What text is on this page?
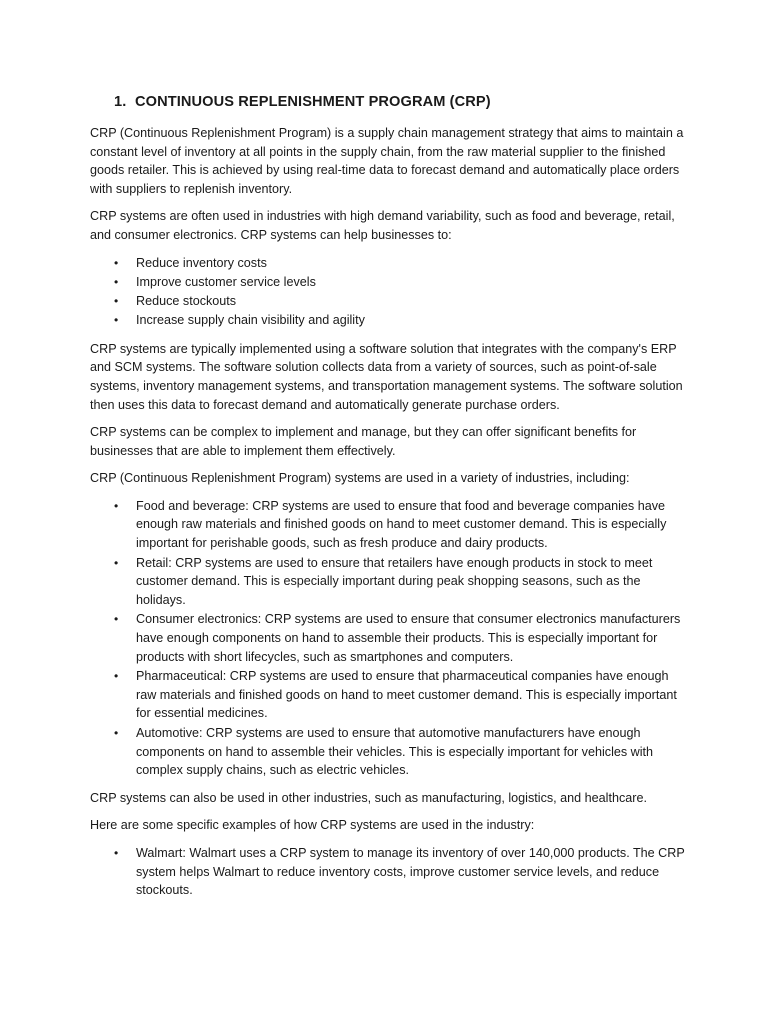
1. CONTINUOUS REPLENISHMENT PROGRAM (CRP)

CRP (Continuous Replenishment Program) is a supply chain management strategy that aims to maintain a constant level of inventory at all points in the supply chain, from the raw material supplier to the finished goods retailer. This is achieved by using real-time data to forecast demand and automatically place orders with suppliers to replenish inventory.

CRP systems are often used in industries with high demand variability, such as food and beverage, retail, and consumer electronics. CRP systems can help businesses to:

• Reduce inventory costs
• Improve customer service levels
• Reduce stockouts
• Increase supply chain visibility and agility

CRP systems are typically implemented using a software solution that integrates with the company's ERP and SCM systems. The software solution collects data from a variety of sources, such as point-of-sale systems, inventory management systems, and transportation management systems. The software solution then uses this data to forecast demand and automatically generate purchase orders.

CRP systems can be complex to implement and manage, but they can offer significant benefits for businesses that are able to implement them effectively.

CRP (Continuous Replenishment Program) systems are used in a variety of industries, including:

• Food and beverage: CRP systems are used to ensure that food and beverage companies have enough raw materials and finished goods on hand to meet customer demand. This is especially important for perishable goods, such as fresh produce and dairy products.
• Retail: CRP systems are used to ensure that retailers have enough products in stock to meet customer demand. This is especially important during peak shopping seasons, such as the holidays.
• Consumer electronics: CRP systems are used to ensure that consumer electronics manufacturers have enough components on hand to assemble their products. This is especially important for products with short lifecycles, such as smartphones and computers.
• Pharmaceutical: CRP systems are used to ensure that pharmaceutical companies have enough raw materials and finished goods on hand to meet customer demand. This is especially important for essential medicines.
• Automotive: CRP systems are used to ensure that automotive manufacturers have enough components on hand to assemble their vehicles. This is especially important for vehicles with complex supply chains, such as electric vehicles.

CRP systems can also be used in other industries, such as manufacturing, logistics, and healthcare.

Here are some specific examples of how CRP systems are used in the industry:

• Walmart: Walmart uses a CRP system to manage its inventory of over 140,000 products. The CRP system helps Walmart to reduce inventory costs, improve customer service levels, and reduce stockouts.
